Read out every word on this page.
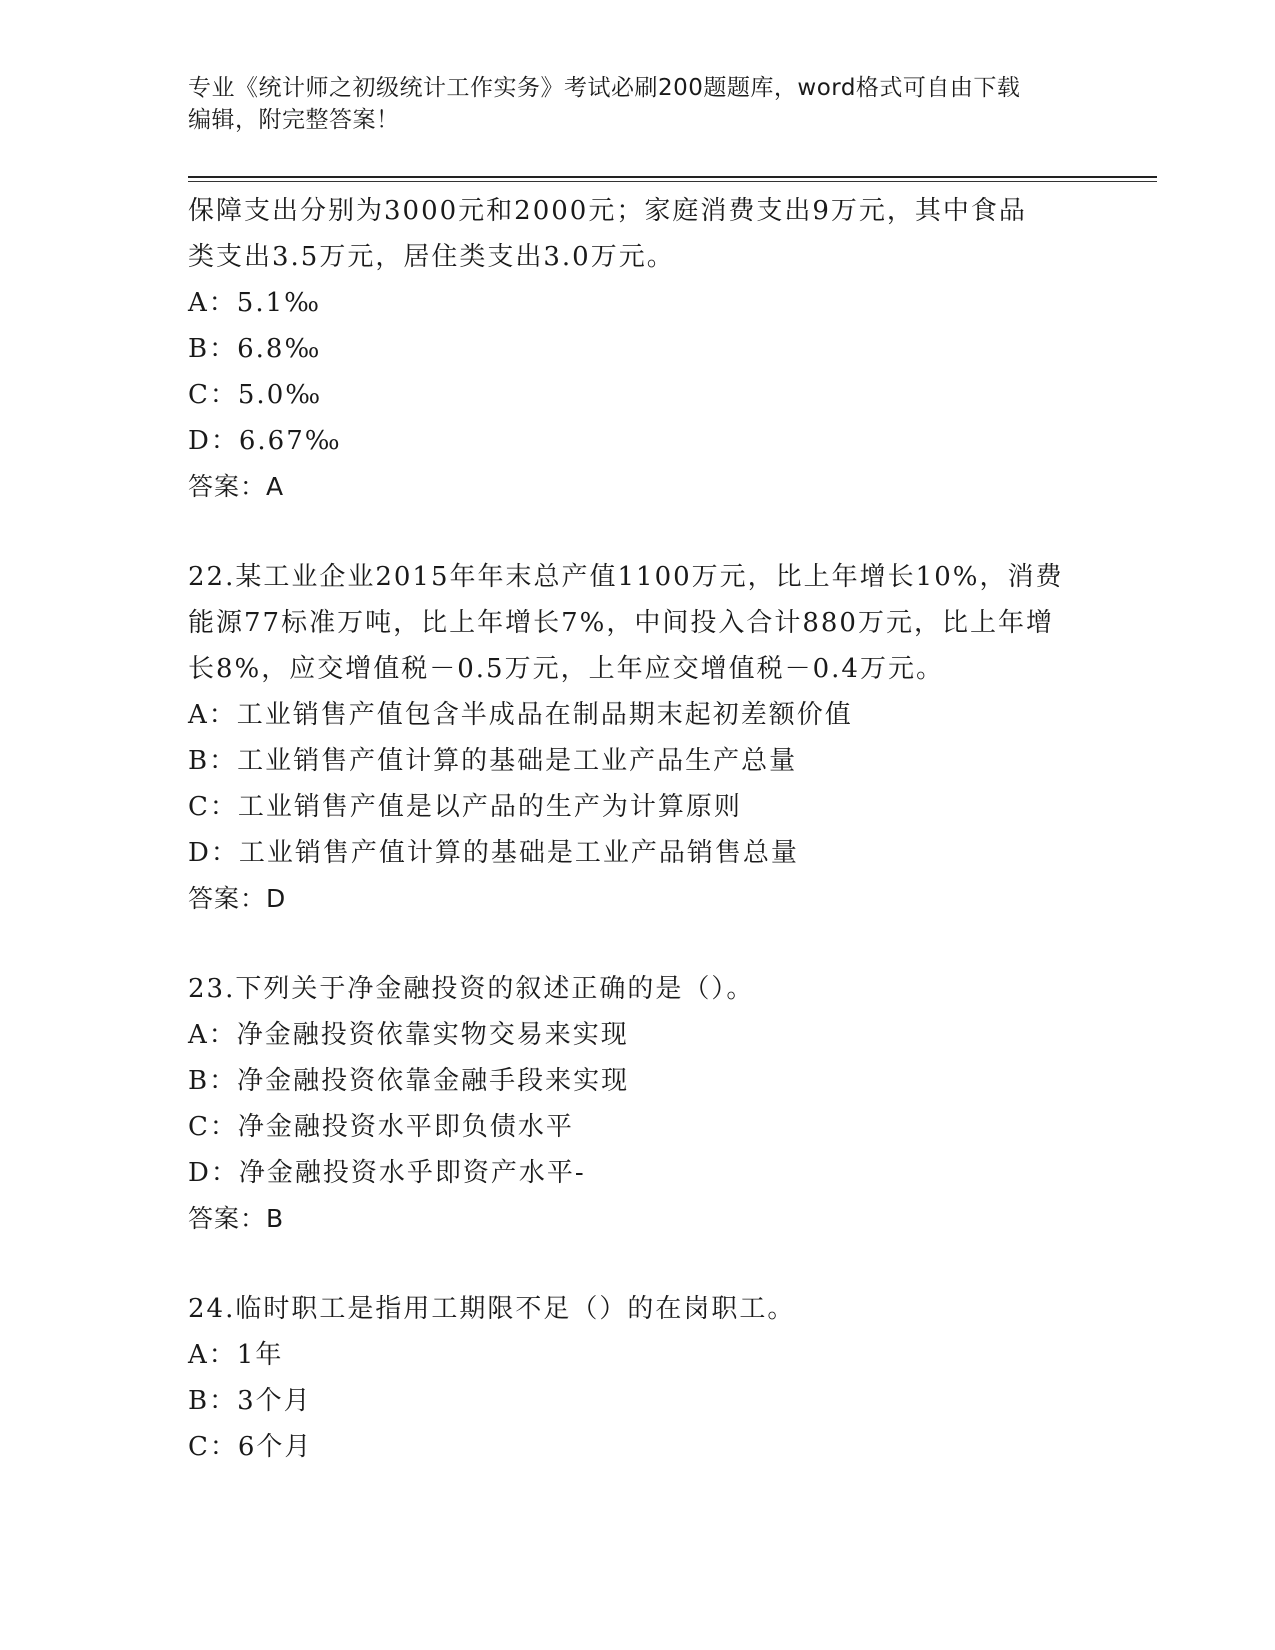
专业《统计师之初级统计工作实务》考试必刷200题题库，word格式可自由下载
编辑，附完整答案！
保障支出分别为3000元和2000元；家庭消费支出9万元，其中食品
类支出3.5万元，居住类支出3.0万元。
A：5.1‰
B：6.8‰
C：5.0‰
D：6.67‰
答案：A
22.某工业企业2015年年末总产值1100万元，比上年增长10%，消费
能源77标准万吨，比上年增长7%，中间投入合计880万元，比上年增
长8%，应交增值税－0.5万元，上年应交增值税－0.4万元。
A：工业销售产值包含半成品在制品期末起初差额价值
B：工业销售产值计算的基础是工业产品生产总量
C：工业销售产值是以产品的生产为计算原则
D：工业销售产值计算的基础是工业产品销售总量
答案：D
23.下列关于净金融投资的叙述正确的是（）。
A：净金融投资依靠实物交易来实现
B：净金融投资依靠金融手段来实现
C：净金融投资水平即负债水平
D：净金融投资水乎即资产水平-
答案：B
24.临时职工是指用工期限不足（）的在岗职工。
A：1年
B：3个月
C：6个月
